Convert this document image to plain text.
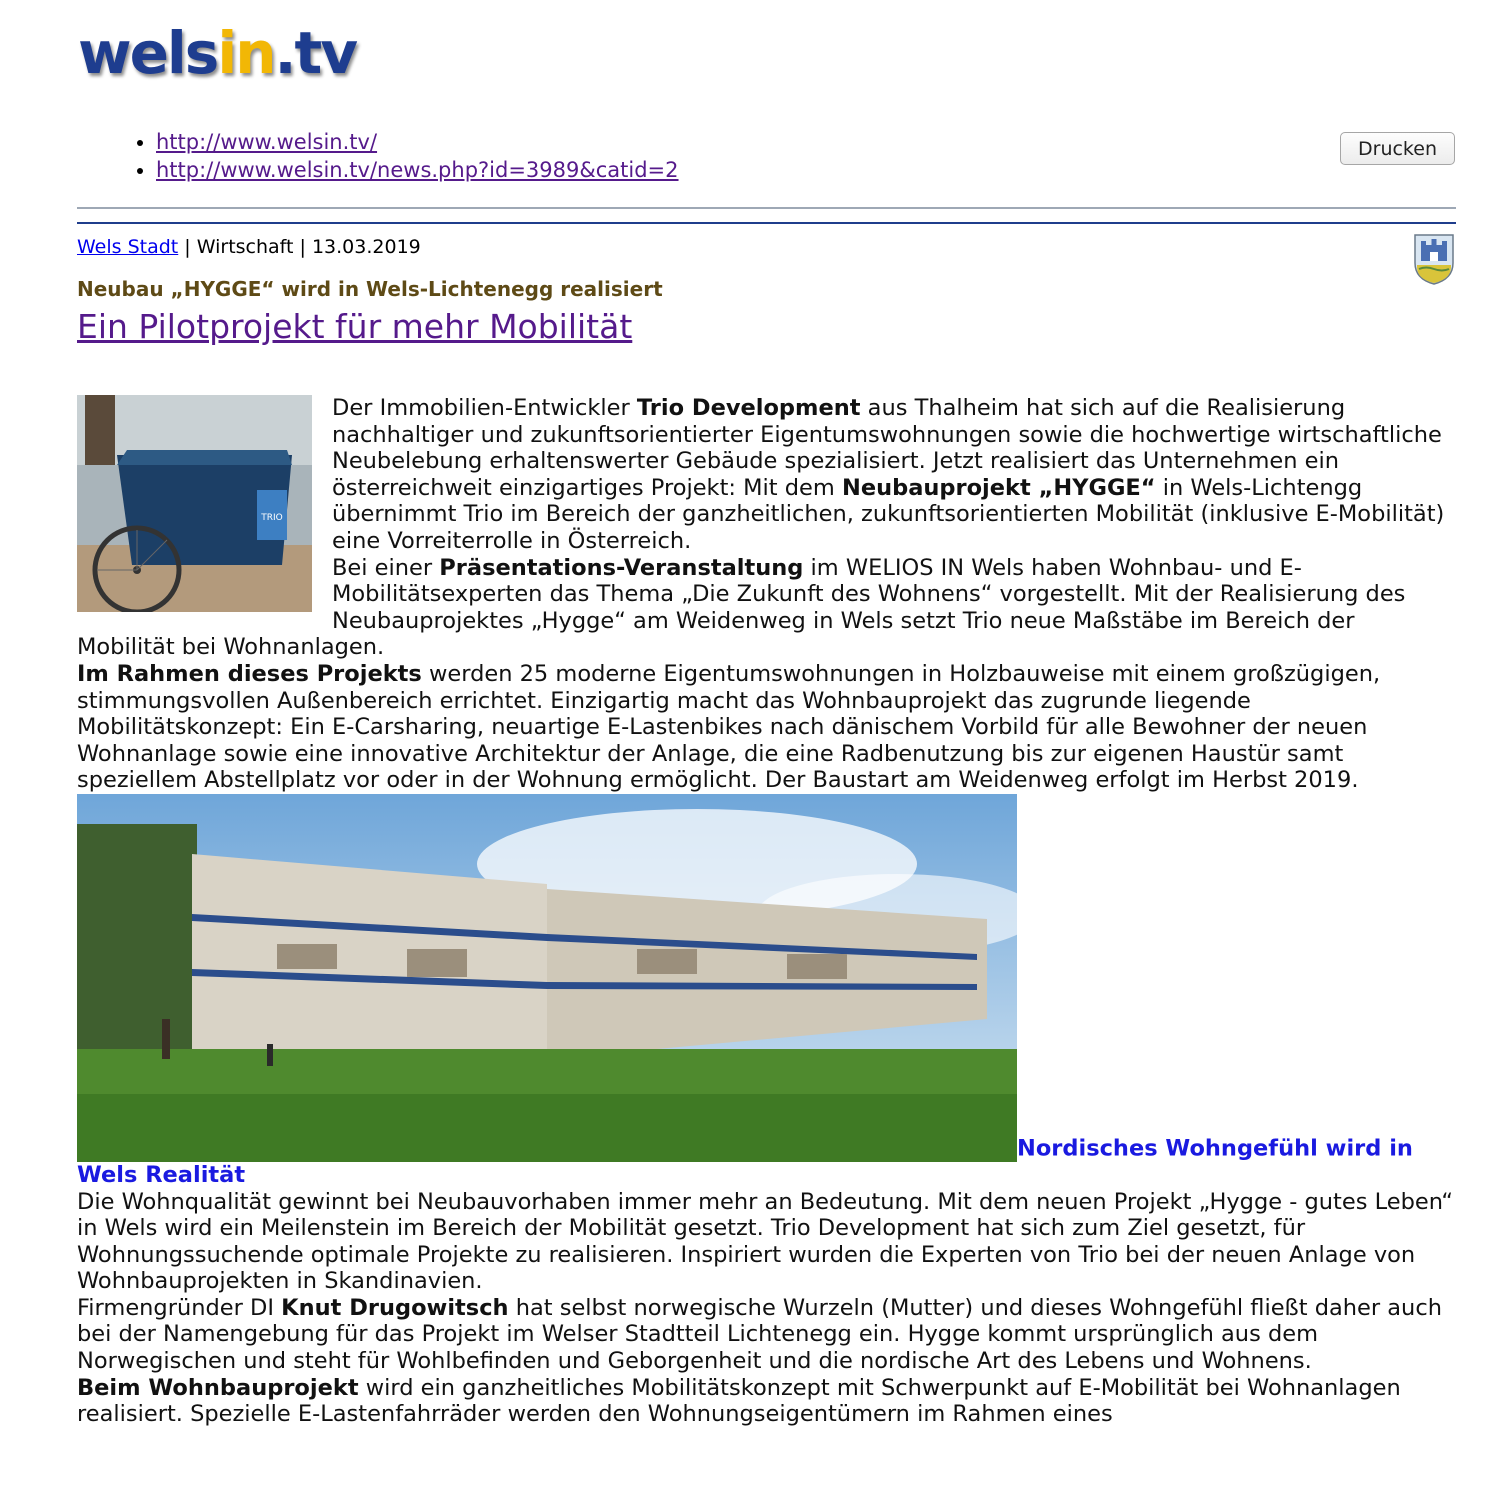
welsin.tv
• http://www.welsin.tv/
• http://www.welsin.tv/news.php?id=3989&catid=2
Drucken
Wels Stadt | Wirtschaft | 13.03.2019
Neubau „HYGGE“ wird in Wels-Lichtenegg realisiert
Ein Pilotprojekt für mehr Mobilität
TRIO
Der Immobilien-Entwickler Trio Development aus Thalheim hat sich auf die Realisierung nachhaltiger und zukunftsorientierter Eigentumswohnungen sowie die hochwertige wirtschaftliche Neubelebung erhaltenswerter Gebäude spezialisiert. Jetzt realisiert das Unternehmen ein österreichweit einzigartiges Projekt: Mit dem Neubauprojekt „HYGGE“ in Wels-Lichtengg übernimmt Trio im Bereich der ganzheitlichen, zukunftsorientierten Mobilität (inklusive E-Mobilität) eine Vorreiterrolle in Österreich.
Bei einer Präsentations-Veranstaltung im WELIOS IN Wels haben Wohnbau- und E-Mobilitätsexperten das Thema „Die Zukunft des Wohnens“ vorgestellt. Mit der Realisierung des Neubauprojektes „Hygge“ am Weidenweg in Wels setzt Trio neue Maßstäbe im Bereich der Mobilität bei Wohnanlagen.
Im Rahmen dieses Projekts werden 25 moderne Eigentumswohnungen in Holzbauweise mit einem großzügigen, stimmungsvollen Außenbereich errichtet. Einzigartig macht das Wohnbauprojekt das zugrunde liegende Mobilitätskonzept: Ein E-Carsharing, neuartige E-Lastenbikes nach dänischem Vorbild für alle Bewohner der neuen Wohnanlage sowie eine innovative Architektur der Anlage, die eine Radbenutzung bis zur eigenen Haustür samt speziellem Abstellplatz vor oder in der Wohnung ermöglicht. Der Baustart am Weidenweg erfolgt im Herbst 2019.
Nordisches Wohngefühl wird in Wels Realität
Die Wohnqualität gewinnt bei Neubauvorhaben immer mehr an Bedeutung. Mit dem neuen Projekt „Hygge - gutes Leben“ in Wels wird ein Meilenstein im Bereich der Mobilität gesetzt. Trio Development hat sich zum Ziel gesetzt, für Wohnungssuchende optimale Projekte zu realisieren. Inspiriert wurden die Experten von Trio bei der neuen Anlage von Wohnbauprojekten in Skandinavien.
Firmengründer DI Knut Drugowitsch hat selbst norwegische Wurzeln (Mutter) und dieses Wohngefühl fließt daher auch bei der Namengebung für das Projekt im Welser Stadtteil Lichtenegg ein. Hygge kommt ursprünglich aus dem Norwegischen und steht für Wohlbefinden und Geborgenheit und die nordische Art des Lebens und Wohnens.
Beim Wohnbauprojekt wird ein ganzheitliches Mobilitätskonzept mit Schwerpunkt auf E-Mobilität bei Wohnanlagen realisiert. Spezielle E-Lastenfahrräder werden den Wohnungseigentümern im Rahmen eines
